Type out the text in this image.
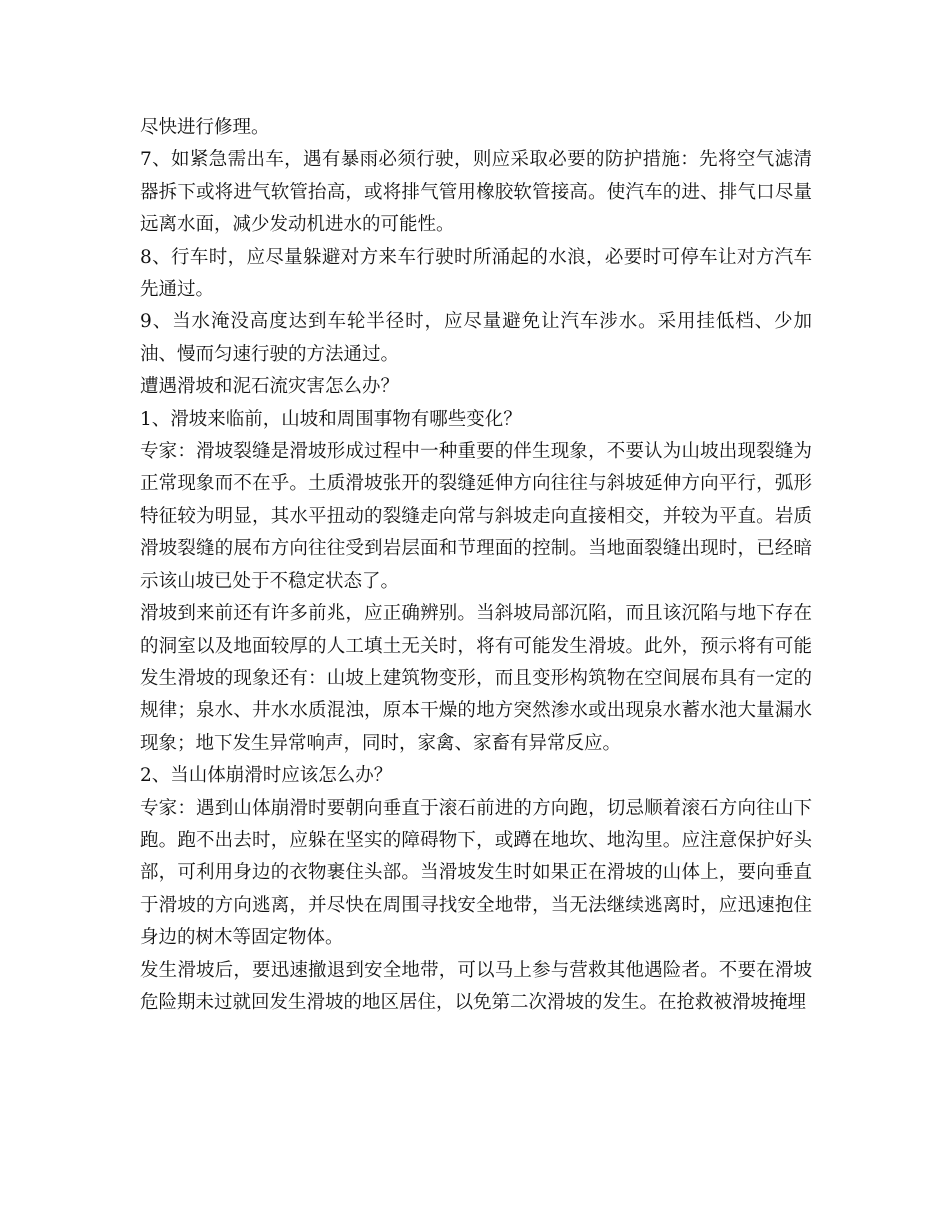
尽快进行修理。

7、如紧急需出车，遇有暴雨必须行驶，则应采取必要的防护措施：先将空气滤清器拆下或将进气软管抬高，或将排气管用橡胶软管接高。使汽车的进、排气口尽量远离水面，减少发动机进水的可能性。

8、行车时，应尽量躲避对方来车行驶时所涌起的水浪，必要时可停车让对方汽车先通过。

9、当水淹没高度达到车轮半径时，应尽量避免让汽车涉水。采用挂低档、少加油、慢而匀速行驶的方法通过。

遭遇滑坡和泥石流灾害怎么办？

1、滑坡来临前，山坡和周围事物有哪些变化？

专家：滑坡裂缝是滑坡形成过程中一种重要的伴生现象，不要认为山坡出现裂缝为正常现象而不在乎。土质滑坡张开的裂缝延伸方向往往与斜坡延伸方向平行，弧形特征较为明显，其水平扭动的裂缝走向常与斜坡走向直接相交，并较为平直。岩质滑坡裂缝的展布方向往往受到岩层面和节理面的控制。当地面裂缝出现时，已经暗示该山坡已处于不稳定状态了。

滑坡到来前还有许多前兆，应正确辨别。当斜坡局部沉陷，而且该沉陷与地下存在的洞室以及地面较厚的人工填土无关时，将有可能发生滑坡。此外，预示将有可能发生滑坡的现象还有：山坡上建筑物变形，而且变形构筑物在空间展布具有一定的规律；泉水、井水水质混浊，原本干燥的地方突然渗水或出现泉水蓄水池大量漏水现象；地下发生异常响声，同时，家禽、家畜有异常反应。

2、当山体崩滑时应该怎么办？

专家：遇到山体崩滑时要朝向垂直于滚石前进的方向跑，切忌顺着滚石方向往山下跑。跑不出去时，应躲在坚实的障碍物下，或蹲在地坎、地沟里。应注意保护好头部，可利用身边的衣物裹住头部。当滑坡发生时如果正在滑坡的山体上，要向垂直于滑坡的方向逃离，并尽快在周围寻找安全地带，当无法继续逃离时，应迅速抱住身边的树木等固定物体。

发生滑坡后，要迅速撤退到安全地带，可以马上参与营救其他遇险者。不要在滑坡危险期未过就回发生滑坡的地区居住，以免第二次滑坡的发生。在抢救被滑坡掩埋
